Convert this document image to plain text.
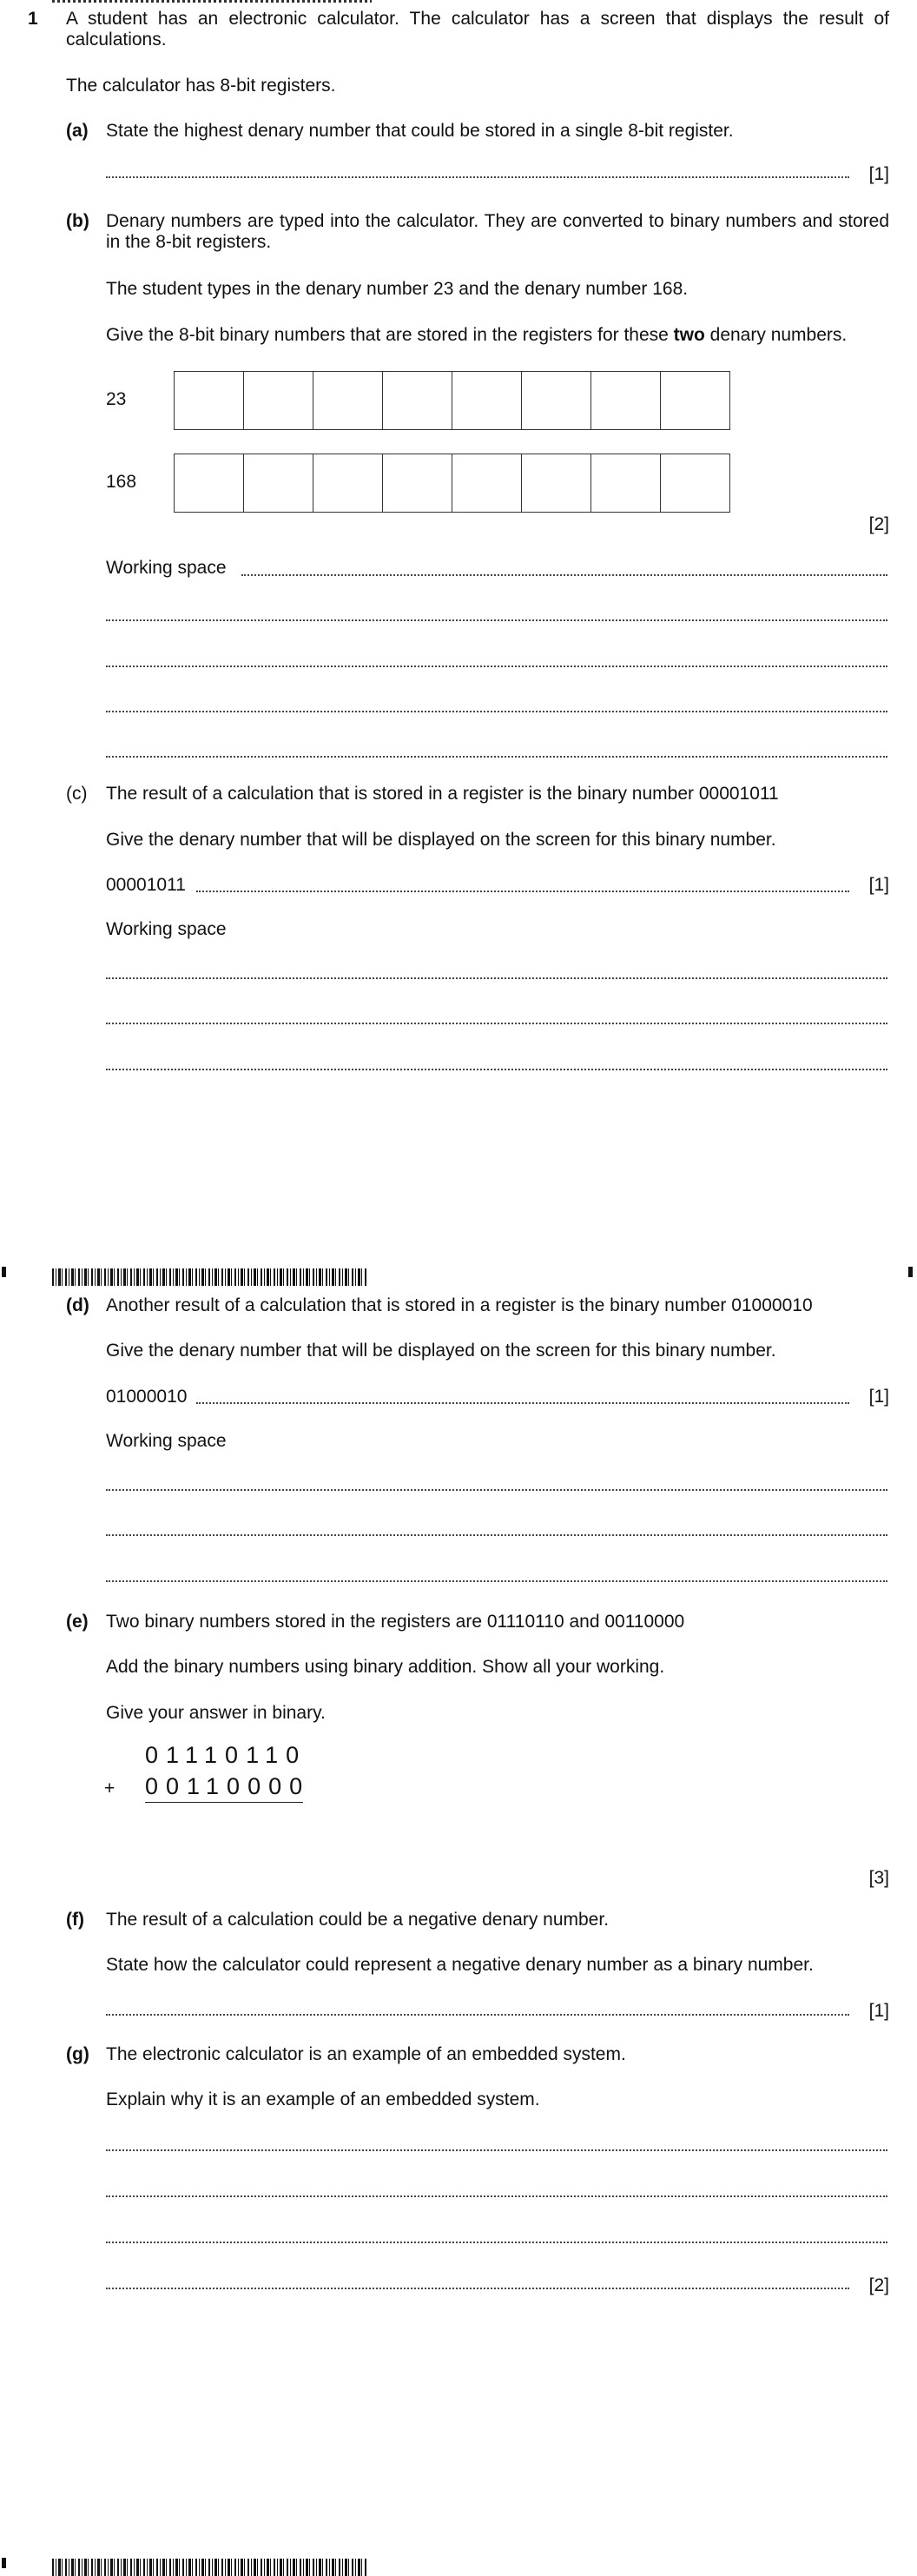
1 A student has an electronic calculator. The calculator has a screen that displays the result of calculations.
The calculator has 8-bit registers.
(a) State the highest denary number that could be stored in a single 8-bit register.
[1]
(b) Denary numbers are typed into the calculator. They are converted to binary numbers and stored in the 8-bit registers.
The student types in the denary number 23 and the denary number 168.
Give the 8-bit binary numbers that are stored in the registers for these two denary numbers.
23
168
[2]
Working space
(c) The result of a calculation that is stored in a register is the binary number 00001011
Give the denary number that will be displayed on the screen for this binary number.
00001011	[1]
Working space
(d) Another result of a calculation that is stored in a register is the binary number 01000010
Give the denary number that will be displayed on the screen for this binary number.
01000010	[1]
Working space
(e) Two binary numbers stored in the registers are 01110110 and 00110000
Add the binary numbers using binary addition. Show all your working.
Give your answer in binary.
01110110
+ 00110000
[3]
(f) The result of a calculation could be a negative denary number.
State how the calculator could represent a negative denary number as a binary number.
[1]
(g) The electronic calculator is an example of an embedded system.
Explain why it is an example of an embedded system.
[2]
